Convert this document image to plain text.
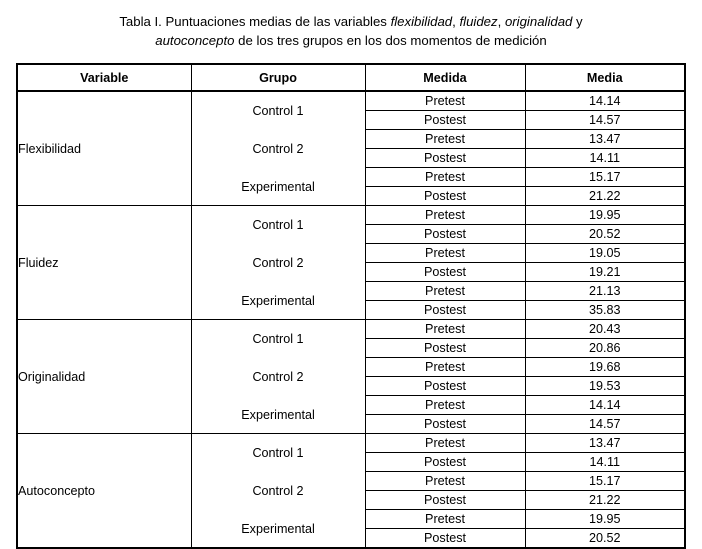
Tabla I. Puntuaciones medias de las variables flexibilidad, fluidez, originalidad y
autoconcepto de los tres grupos en los dos momentos de medición
Variable	Grupo	Medida	Media
Flexibilidad	Control 1	Pretest	14.14
		Postest	14.57
	Control 2	Pretest	13.47
		Postest	14.11
	Experimental	Pretest	15.17
		Postest	21.22
Fluidez	Control 1	Pretest	19.95
		Postest	20.52
	Control 2	Pretest	19.05
		Postest	19.21
	Experimental	Pretest	21.13
		Postest	35.83
Originalidad	Control 1	Pretest	20.43
		Postest	20.86
	Control 2	Pretest	19.68
		Postest	19.53
	Experimental	Pretest	14.14
		Postest	14.57
Autoconcepto	Control 1	Pretest	13.47
		Postest	14.11
	Control 2	Pretest	15.17
		Postest	21.22
	Experimental	Pretest	19.95
		Postest	20.52
